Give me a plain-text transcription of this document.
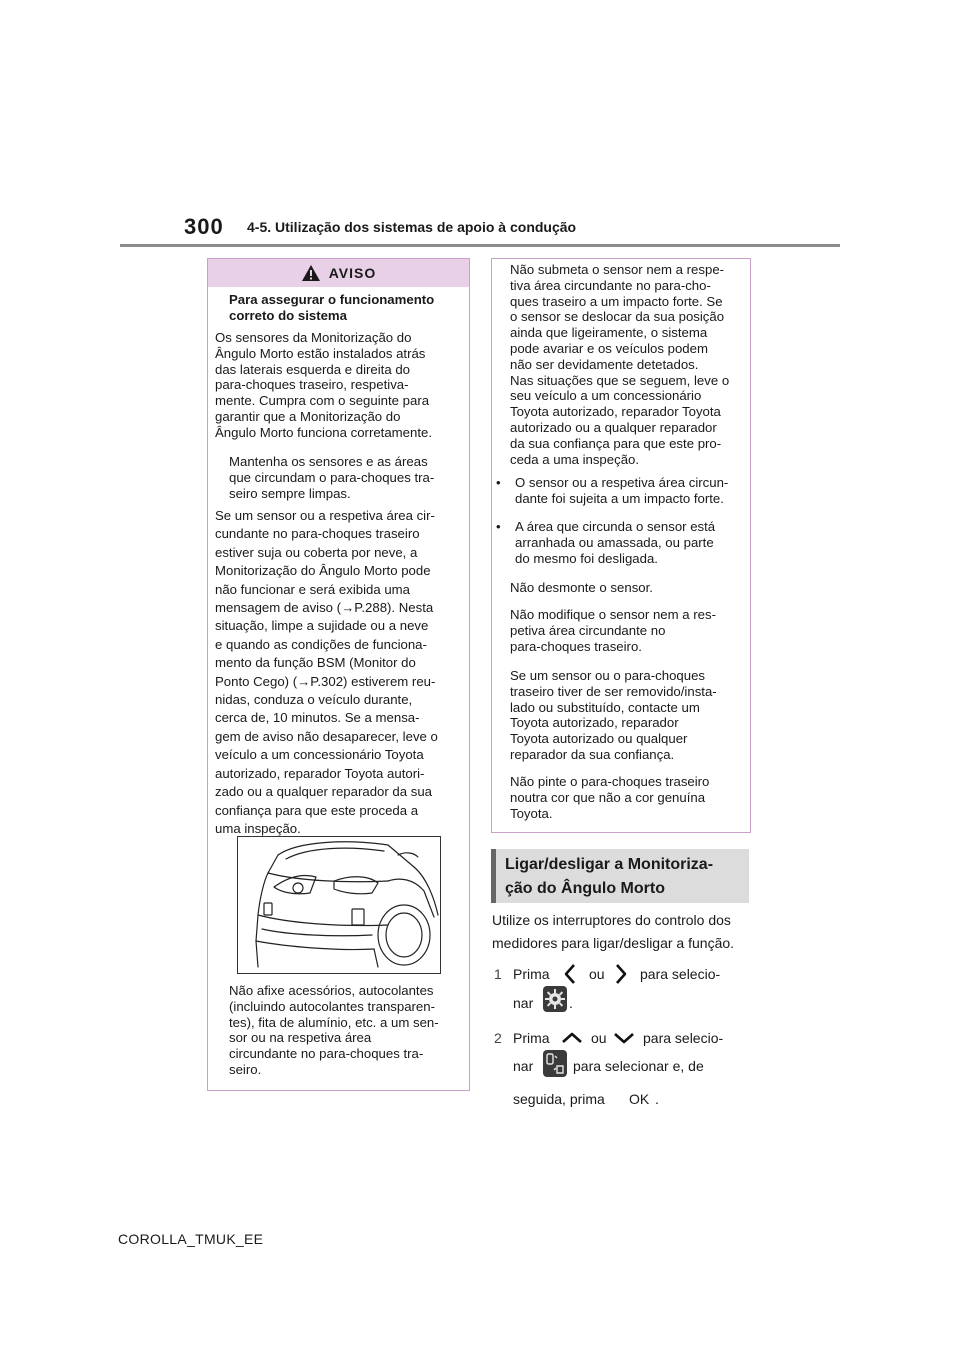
300 4-5. Utilização dos sistemas de apoio à condução
AVISO

Para assegurar o funcionamento

correto do sistema

Os sensores da Monitorização do

Ângulo Morto estão instalados atrás

das laterais esquerda e direita do

para-choques traseiro, respetiva-

mente. Cumpra com o seguinte para

garantir que a Monitorização do

Ângulo Morto funciona corretamente.

Mantenha os sensores e as áreas

que circundam o para-choques tra-

seiro sempre limpas.

Se um sensor ou a respetiva área cir-

cundante no para-choques traseiro

estiver suja ou coberta por neve, a

Monitorização do Ângulo Morto pode

não funcionar e será exibida uma

mensagem de aviso (→P.288). Nesta

situação, limpe a sujidade ou a neve

e quando as condições de funciona-

mento da função BSM (Monitor do

Ponto Cego) (→P.302) estiverem reu-

nidas, conduza o veículo durante,

cerca de, 10 minutos. Se a mensa-

gem de aviso não desaparecer, leve o

veículo a um concessionário Toyota

autorizado, reparador Toyota autori-

zado ou a qualquer reparador da sua

confiança para que este proceda a

uma inspeção.

Não afixe acessórios, autocolantes

(incluindo autocolantes transparen-

tes), fita de alumínio, etc. a um sen-

sor ou na respetiva área

circundante no para-choques tra-

seiro.

Não submeta o sensor nem a respe-

tiva área circundante no para-cho-

ques traseiro a um impacto forte. Se

o sensor se deslocar da sua posição

ainda que ligeiramente, o sistema

pode avariar e os veículos podem

não ser devidamente detetados.

Nas situações que se seguem, leve o

seu veículo a um concessionário

Toyota autorizado, reparador Toyota

autorizado ou a qualquer reparador

da sua confiança para que este pro-

ceda a uma inspeção.

• O sensor ou a respetiva área circun-

dante foi sujeita a um impacto forte.

• A área que circunda o sensor está

arranhada ou amassada, ou parte

do mesmo foi desligada.

Não desmonte o sensor.

Não modifique o sensor nem a res-

petiva área circundante no

para-choques traseiro.

Se um sensor ou o para-choques

traseiro tiver de ser removido/insta-

lado ou substituído, contacte um

Toyota autorizado, reparador

Toyota autorizado ou qualquer

reparador da sua confiança.

Não pinte o para-choques traseiro

noutra cor que não a cor genuína

Toyota.

Ligar/desligar a Monitoriza-
ção do Ângulo Morto
Utilize os interruptores do controlo dos
medidores para ligar/desligar a função.
1 Prima	ou	para selecio-
nar	.
2 Prima	ou	para selecio-
nar	para selecionar e, de
seguida, prima OK .
COROLLA_TMUK_EE
